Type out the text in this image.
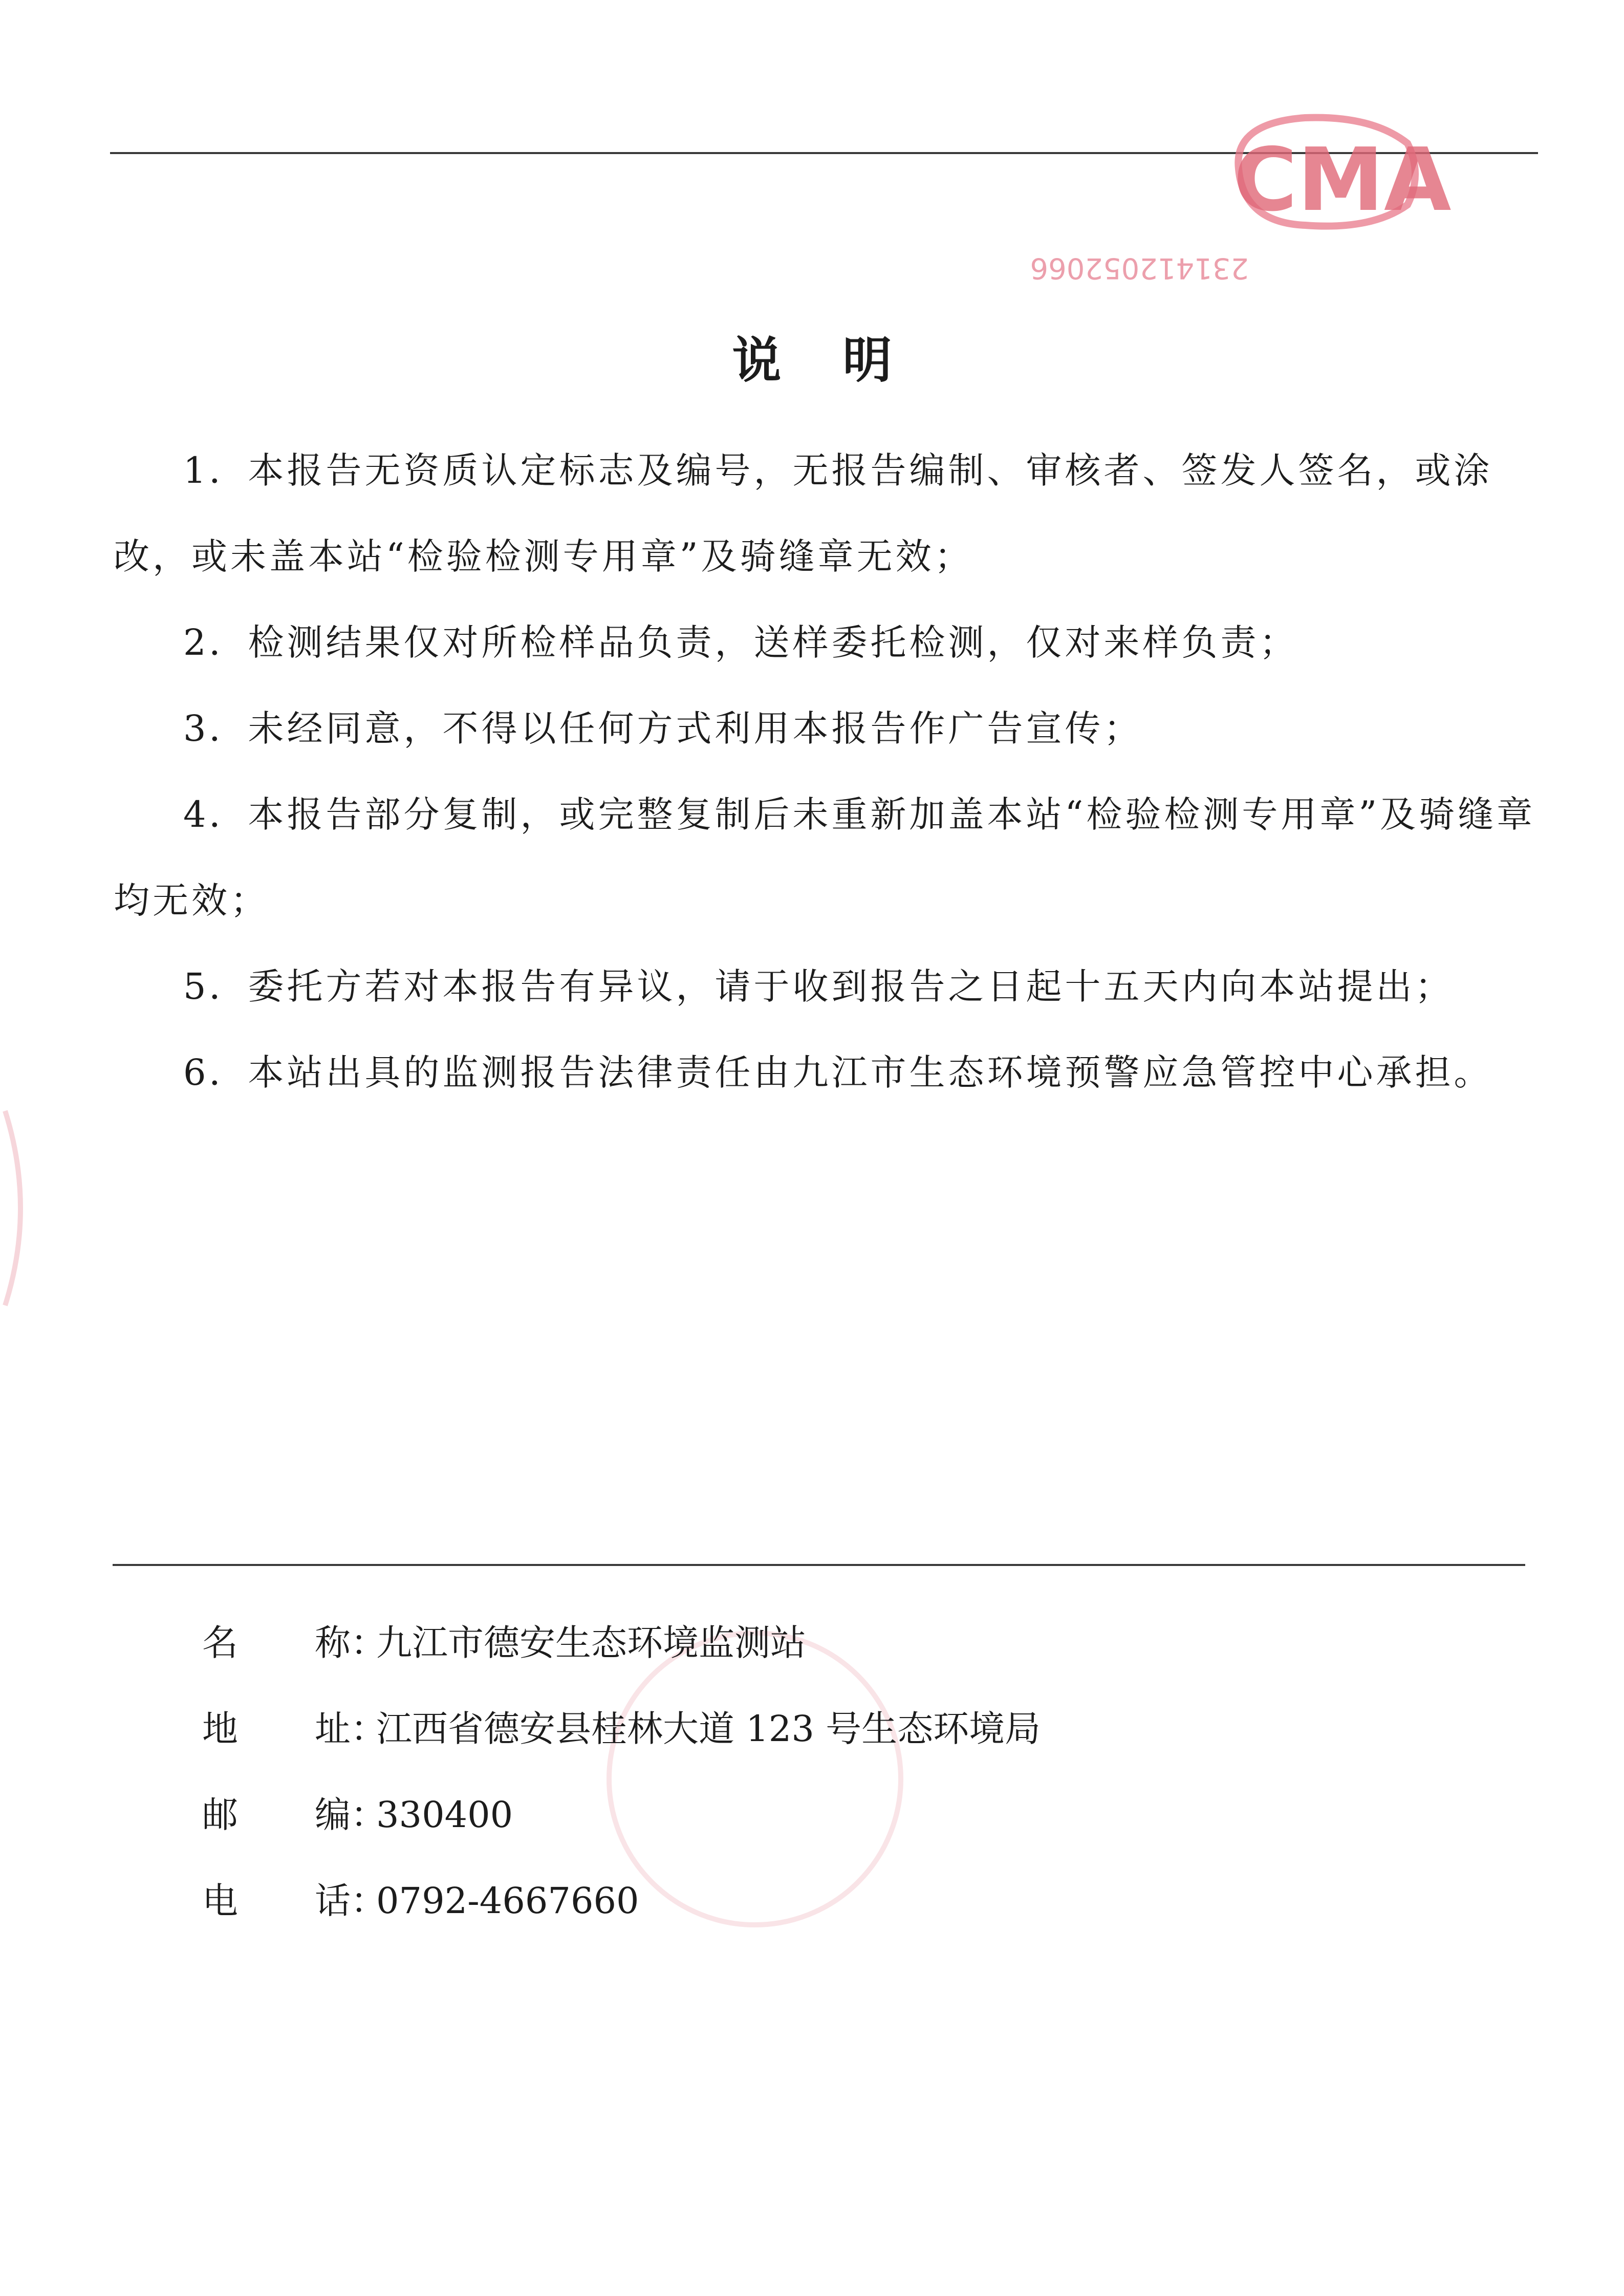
CMA
231412052066
说明

1．本报告无资质认定标志及编号，无报告编制、审核者、签发人签名，或涂改，或未盖本站“检验检测专用章”及骑缝章无效；

2．检测结果仅对所检样品负责，送样委托检测，仅对来样负责；

3．未经同意，不得以任何方式利用本报告作广告宣传；

4．本报告部分复制，或完整复制后未重新加盖本站“检验检测专用章”及骑缝章均无效；

5．委托方若对本报告有异议，请于收到报告之日起十五天内向本站提出；

6．本站出具的监测报告法律责任由九江市生态环境预警应急管控中心承担。

名 称：九江市德安生态环境监测站
地 址：江西省德安县桂林大道 123 号生态环境局
邮 编：330400
电 话：0792-4667660
